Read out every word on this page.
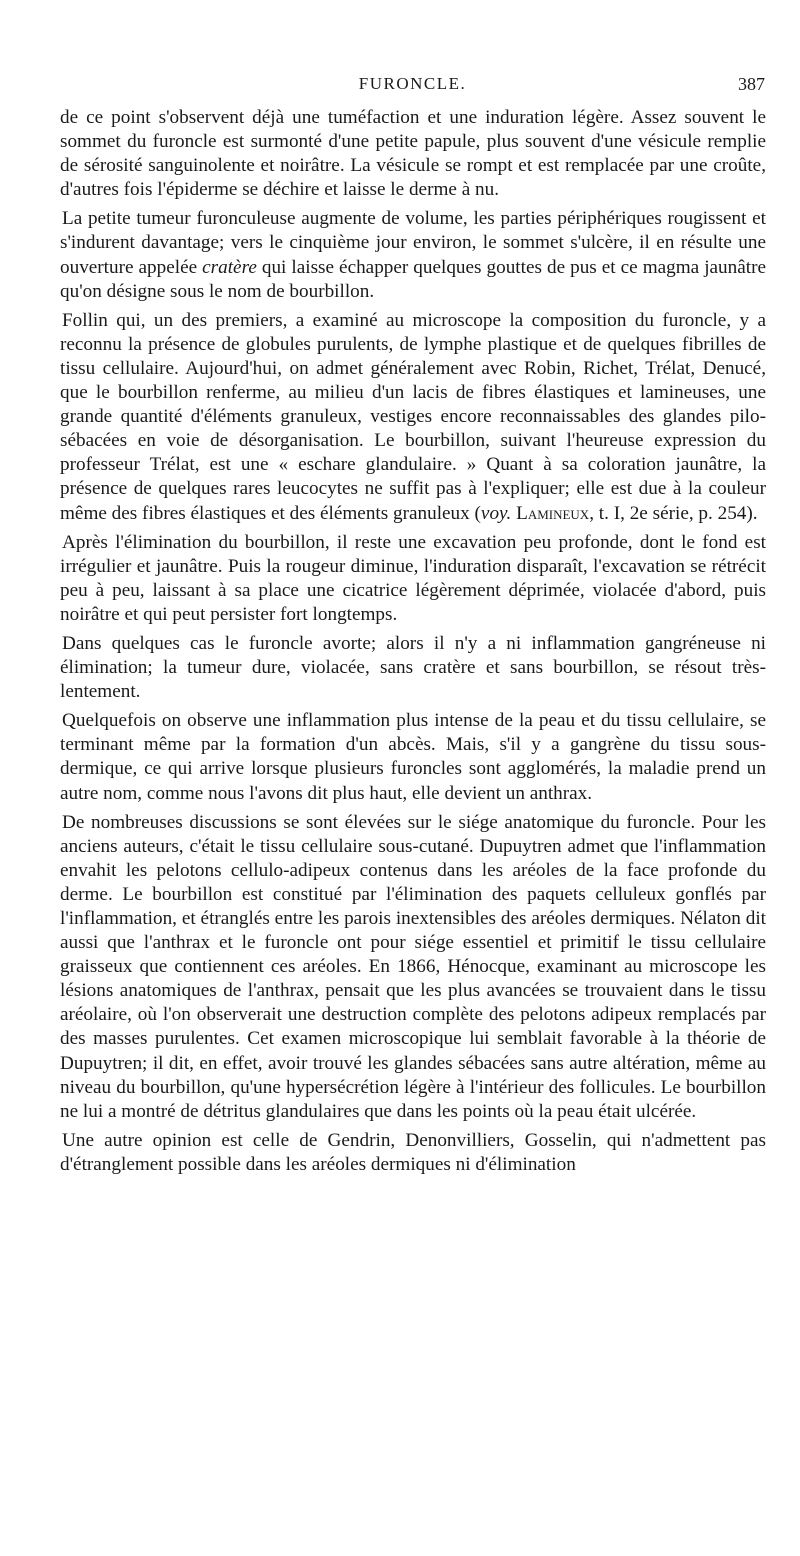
FURONCLE.	387

de ce point s'observent déjà une tuméfaction et une induration légère. Assez souvent le sommet du furoncle est surmonté d'une petite papule, plus souvent d'une vésicule remplie de sérosité sanguinolente et noirâtre. La vésicule se rompt et est remplacée par une croûte, d'autres fois l'épiderme se déchire et laisse le derme à nu.

La petite tumeur furonculeuse augmente de volume, les parties périphériques rougissent et s'indurent davantage; vers le cinquième jour environ, le sommet s'ulcère, il en résulte une ouverture appelée cratère qui laisse échapper quelques gouttes de pus et ce magma jaunâtre qu'on désigne sous le nom de bourbillon.

Follin qui, un des premiers, a examiné au microscope la composition du furoncle, y a reconnu la présence de globules purulents, de lymphe plastique et de quelques fibrilles de tissu cellulaire. Aujourd'hui, on admet généralement avec Robin, Richet, Trélat, Denucé, que le bourbillon renferme, au milieu d'un lacis de fibres élastiques et lamineuses, une grande quantité d'éléments granuleux, vestiges encore reconnaissables des glandes pilo-sébacées en voie de désorganisation. Le bourbillon, suivant l'heureuse expression du professeur Trélat, est une « eschare glandulaire. » Quant à sa coloration jaunâtre, la présence de quelques rares leucocytes ne suffit pas à l'expliquer; elle est due à la couleur même des fibres élastiques et des éléments granuleux (voy. Lamineux, t. I, 2e série, p. 254).

Après l'élimination du bourbillon, il reste une excavation peu profonde, dont le fond est irrégulier et jaunâtre. Puis la rougeur diminue, l'induration disparaît, l'excavation se rétrécit peu à peu, laissant à sa place une cicatrice légèrement déprimée, violacée d'abord, puis noirâtre et qui peut persister fort longtemps.

Dans quelques cas le furoncle avorte; alors il n'y a ni inflammation gangréneuse ni élimination; la tumeur dure, violacée, sans cratère et sans bourbillon, se résout très-lentement.

Quelquefois on observe une inflammation plus intense de la peau et du tissu cellulaire, se terminant même par la formation d'un abcès. Mais, s'il y a gangrène du tissu sous-dermique, ce qui arrive lorsque plusieurs furoncles sont agglomérés, la maladie prend un autre nom, comme nous l'avons dit plus haut, elle devient un anthrax.

De nombreuses discussions se sont élevées sur le siége anatomique du furoncle. Pour les anciens auteurs, c'était le tissu cellulaire sous-cutané. Dupuytren admet que l'inflammation envahit les pelotons cellulo-adipeux contenus dans les aréoles de la face profonde du derme. Le bourbillon est constitué par l'élimination des paquets celluleux gonflés par l'inflammation, et étranglés entre les parois inextensibles des aréoles dermiques. Nélaton dit aussi que l'anthrax et le furoncle ont pour siége essentiel et primitif le tissu cellulaire graisseux que contiennent ces aréoles. En 1866, Hénocque, examinant au microscope les lésions anatomiques de l'anthrax, pensait que les plus avancées se trouvaient dans le tissu aréolaire, où l'on observerait une destruction complète des pelotons adipeux remplacés par des masses purulentes. Cet examen microscopique lui semblait favorable à la théorie de Dupuytren; il dit, en effet, avoir trouvé les glandes sébacées sans autre altération, même au niveau du bourbillon, qu'une hypersécrétion légère à l'intérieur des follicules. Le bourbillon ne lui a montré de détritus glandulaires que dans les points où la peau était ulcérée.

Une autre opinion est celle de Gendrin, Denonvilliers, Gosselin, qui n'admettent pas d'étranglement possible dans les aréoles dermiques ni d'élimination
